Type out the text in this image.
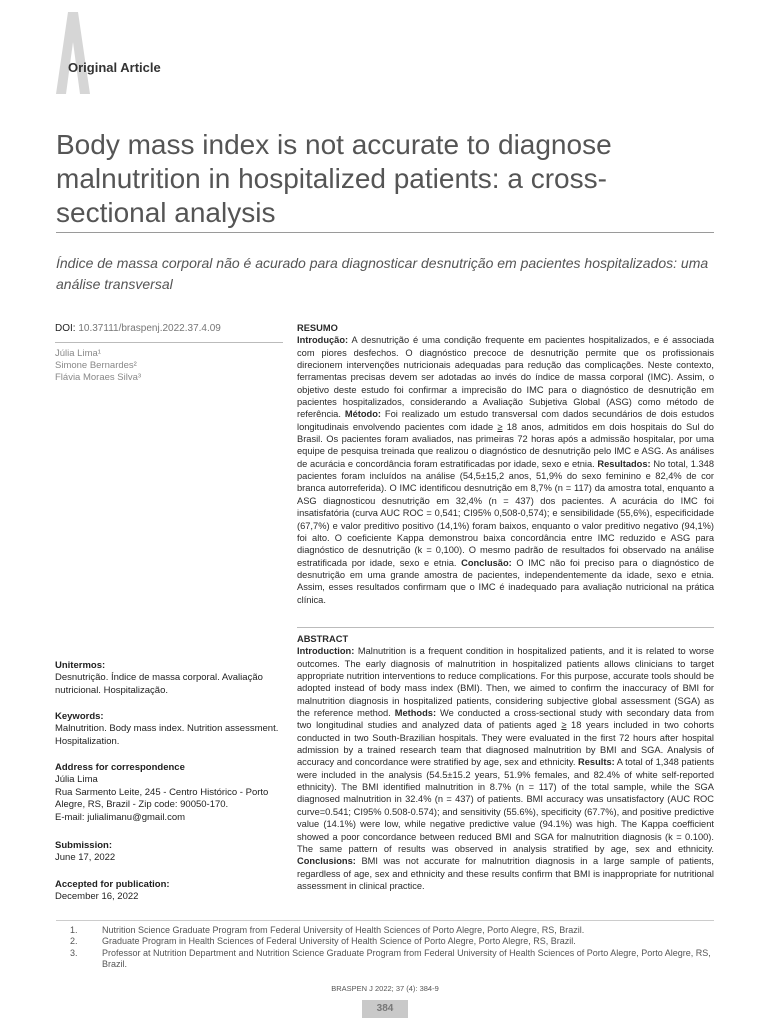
Original Article
Body mass index is not accurate to diagnose malnutrition in hospitalized patients: a cross-sectional analysis
Índice de massa corporal não é acurado para diagnosticar desnutrição em pacientes hospitalizados: uma análise transversal
DOI: 10.37111/braspenj.2022.37.4.09
Júlia Lima¹
Simone Bernardes²
Flávia Moraes Silva³
Unitermos:
Desnutrição. Índice de massa corporal. Avaliação nutricional. Hospitalização.
Keywords:
Malnutrition. Body mass index. Nutrition assessment. Hospitalization.
Address for correspondence
Júlia Lima
Rua Sarmento Leite, 245 - Centro Histórico - Porto Alegre, RS, Brazil - Zip code: 90050-170.
E-mail: julialimanu@gmail.com
Submission:
June 17, 2022
Accepted for publication:
December 16, 2022
RESUMO
Introdução: A desnutrição é uma condição frequente em pacientes hospitalizados, e é associada com piores desfechos. O diagnóstico precoce de desnutrição permite que os profissionais direcionem intervenções nutricionais adequadas para redução das complicações. Neste contexto, ferramentas precisas devem ser adotadas ao invés do índice de massa corporal (IMC). Assim, o objetivo deste estudo foi confirmar a imprecisão do IMC para o diagnóstico de desnutrição em pacientes hospitalizados, considerando a Avaliação Subjetiva Global (ASG) como método de referência. Método: Foi realizado um estudo transversal com dados secundários de dois estudos longitudinais envolvendo pacientes com idade ≥ 18 anos, admitidos em dois hospitais do Sul do Brasil. Os pacientes foram avaliados, nas primeiras 72 horas após a admissão hospitalar, por uma equipe de pesquisa treinada que realizou o diagnóstico de desnutrição pelo IMC e ASG. As análises de acurácia e concordância foram estratificadas por idade, sexo e etnia. Resultados: No total, 1.348 pacientes foram incluídos na análise (54,5±15,2 anos, 51,9% do sexo feminino e 82,4% de cor branca autorreferida). O IMC identificou desnutrição em 8,7% (n = 117) da amostra total, enquanto a ASG diagnosticou desnutrição em 32,4% (n = 437) dos pacientes. A acurácia do IMC foi insatisfatória (curva AUC ROC = 0,541; CI95% 0,508-0,574); e sensibilidade (55,6%), especificidade (67,7%) e valor preditivo positivo (14,1%) foram baixos, enquanto o valor preditivo negativo (94,1%) foi alto. O coeficiente Kappa demonstrou baixa concordância entre IMC reduzido e ASG para diagnóstico de desnutrição (k = 0,100). O mesmo padrão de resultados foi observado na análise estratificada por idade, sexo e etnia. Conclusão: O IMC não foi preciso para o diagnóstico de desnutrição em uma grande amostra de pacientes, independentemente da idade, sexo e etnia. Assim, esses resultados confirmam que o IMC é inadequado para avaliação nutricional na prática clínica.
ABSTRACT
Introduction: Malnutrition is a frequent condition in hospitalized patients, and it is related to worse outcomes. The early diagnosis of malnutrition in hospitalized patients allows clinicians to target appropriate nutrition interventions to reduce complications. For this purpose, accurate tools should be adopted instead of body mass index (BMI). Then, we aimed to confirm the inaccuracy of BMI for malnutrition diagnosis in hospitalized patients, considering subjective global assessment (SGA) as the reference method. Methods: We conducted a cross-sectional study with secondary data from two longitudinal studies and analyzed data of patients aged ≥ 18 years included in two cohorts conducted in two South-Brazilian hospitals. They were evaluated in the first 72 hours after hospital admission by a trained research team that diagnosed malnutrition by BMI and SGA. Analysis of accuracy and concordance were stratified by age, sex and ethnicity. Results: A total of 1,348 patients were included in the analysis (54.5±15.2 years, 51.9% females, and 82.4% of white self-reported ethnicity). The BMI identified malnutrition in 8.7% (n = 117) of the total sample, while the SGA diagnosed malnutrition in 32.4% (n = 437) of patients. BMI accuracy was unsatisfactory (AUC ROC curve=0.541; CI95% 0.508-0.574); and sensitivity (55.6%), specificity (67.7%), and positive predictive value (14.1%) were low, while negative predictive value (94.1%) was high. The Kappa coefficient showed a poor concordance between reduced BMI and SGA for malnutrition diagnosis (k = 0.100). The same pattern of results was observed in analysis stratified by age, sex and ethnicity. Conclusions: BMI was not accurate for malnutrition diagnosis in a large sample of patients, regardless of age, sex and ethnicity and these results confirm that BMI is inappropriate for nutritional assessment in clinical practice.
1.	Nutrition Science Graduate Program from Federal University of Health Sciences of Porto Alegre, Porto Alegre, RS, Brazil.
2.	Graduate Program in Health Sciences of Federal University of Health Science of Porto Alegre, Porto Alegre, RS, Brazil.
3.	Professor at Nutrition Department and Nutrition Science Graduate Program from Federal University of Health Sciences of Porto Alegre, Porto Alegre, RS, Brazil.
BRASPEN J 2022; 37 (4): 384-9
384
